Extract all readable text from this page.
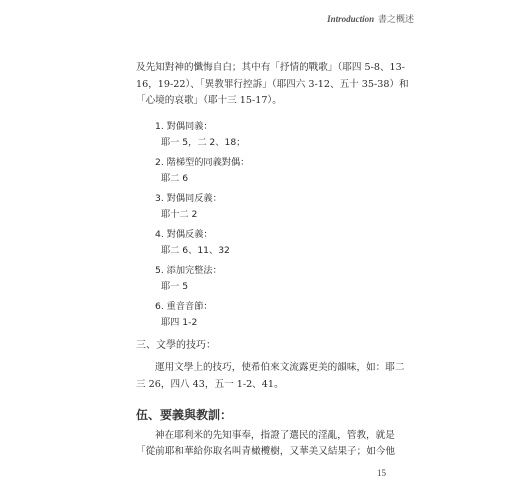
Introduction 書之概述

及先知對神的懺悔自白；其中有「抒情的戰歌」（耶四 5-8、13-16，19-22）、「異教罪行控訴」（耶四六 3-12、五十 35-38）和「心境的哀歌」（耶十三 15-17）。

1. 對偶同義：
耶一 5，二 2、18；
2. 階梯型的同義對偶：
耶二 6
3. 對偶同反義：
耶十二 2
4. 對偶反義：
耶二 6、11、32
5. 添加完整法：
耶一 5
6. 重音音節：
耶四 1-2
三、文學的技巧：

運用文學上的技巧，使希伯來文流露更美的韻味，如：耶二三 26，四八 43，五一 1-2、41。

伍、要義與教訓：

神在耶利米的先知事奉，指證了選民的淫亂，管教，就是「從前耶和華給你取名叫青橄欖樹，又華美又結果子；如今他

15
